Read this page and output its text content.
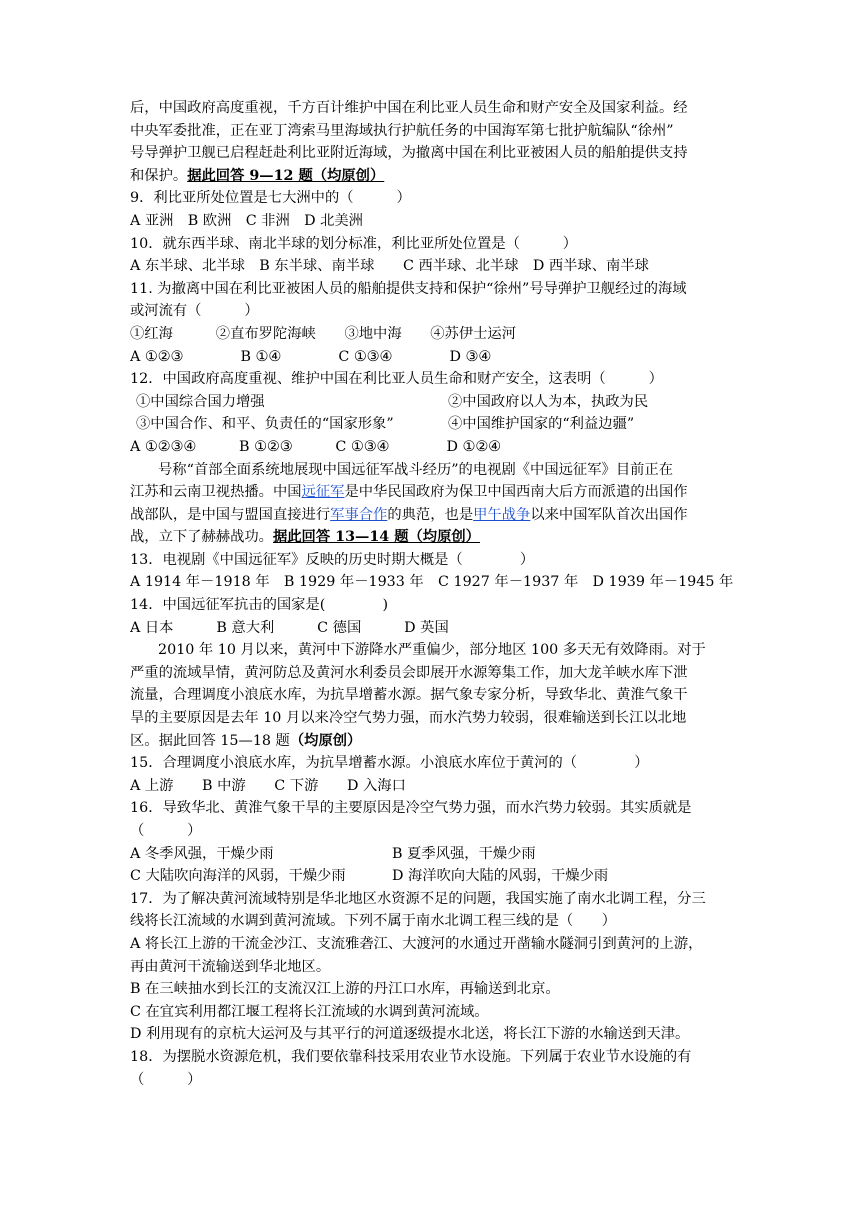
后，中国政府高度重视，千方百计维护中国在利比亚人员生命和财产安全及国家利益。经
中央军委批准，正在亚丁湾索马里海域执行护航任务的中国海军第七批护航编队“徐州”
号导弹护卫舰已启程赶赴利比亚附近海域，为撤离中国在利比亚被困人员的船舶提供支持
和保护。据此回答 9—12 题（均原创）
9．利比亚所处位置是七大洲中的（　　　）
A 亚洲　B 欧洲　C 非洲　D 北美洲
10．就东西半球、南北半球的划分标准，利比亚所处位置是（　　　）
A 东半球、北半球　B 东半球、南半球　　C 西半球、北半球　D 西半球、南半球
11. 为撤离中国在利比亚被困人员的船舶提供支持和保护“徐州”号导弹护卫舰经过的海域
或河流有（　　　）
①红海　　　②直布罗陀海峡　　③地中海　　④苏伊士运河
A ①②③　　　　B ①④　　　　C ①③④　　　　D ③④
12．中国政府高度重视、维护中国在利比亚人员生命和财产安全，这表明（　　　）
①中国综合国力增强	②中国政府以人为本，执政为民
③中国合作、和平、负责任的“国家形象”	④中国维护国家的“利益边疆”
A ①②③④　　　B ①②③　　　C ①③④　　　　D ①②④
号称“首部全面系统地展现中国远征军战斗经历”的电视剧《中国远征军》目前正在
江苏和云南卫视热播。中国远征军是中华民国政府为保卫中国西南大后方而派遣的出国作
战部队，是中国与盟国直接进行军事合作的典范，也是甲午战争以来中国军队首次出国作
战，立下了赫赫战功。据此回答 13—14 题（均原创）
13．电视剧《中国远征军》反映的历史时期大概是（　　　　）
A 1914 年－1918 年　B 1929 年－1933 年　C 1927 年－1937 年　D 1939 年－1945 年
14．中国远征军抗击的国家是(　　　　)
A 日本　　　B 意大利　　　C 德国　　　D 英国
2010 年 10 月以来，黄河中下游降水严重偏少，部分地区 100 多天无有效降雨。对于
严重的流域旱情，黄河防总及黄河水利委员会即展开水源筹集工作，加大龙羊峡水库下泄
流量，合理调度小浪底水库，为抗旱增蓄水源。据气象专家分析，导致华北、黄淮气象干
旱的主要原因是去年 10 月以来冷空气势力强，而水汽势力较弱，很难输送到长江以北地
区。据此回答 15—18 题（均原创）
15．合理调度小浪底水库，为抗旱增蓄水源。小浪底水库位于黄河的（　　　　）
A 上游　　B 中游　　C 下游　　D 入海口
16．导致华北、黄淮气象干旱的主要原因是冷空气势力强，而水汽势力较弱。其实质就是
（　　　）
A 冬季风强，干燥少雨	B 夏季风强，干燥少雨
C 大陆吹向海洋的风弱，干燥少雨	D 海洋吹向大陆的风弱，干燥少雨
17．为了解决黄河流域特别是华北地区水资源不足的问题，我国实施了南水北调工程，分三
线将长江流域的水调到黄河流域。下列不属于南水北调工程三线的是（　　）
A 将长江上游的干流金沙江、支流雅砻江、大渡河的水通过开凿输水隧洞引到黄河的上游，
再由黄河干流输送到华北地区。
B 在三峡抽水到长江的支流汉江上游的丹江口水库，再输送到北京。
C 在宜宾利用都江堰工程将长江流域的水调到黄河流域。
D 利用现有的京杭大运河及与其平行的河道逐级提水北送，将长江下游的水输送到天津。
18．为摆脱水资源危机，我们要依靠科技采用农业节水设施。下列属于农业节水设施的有
（　　　）
